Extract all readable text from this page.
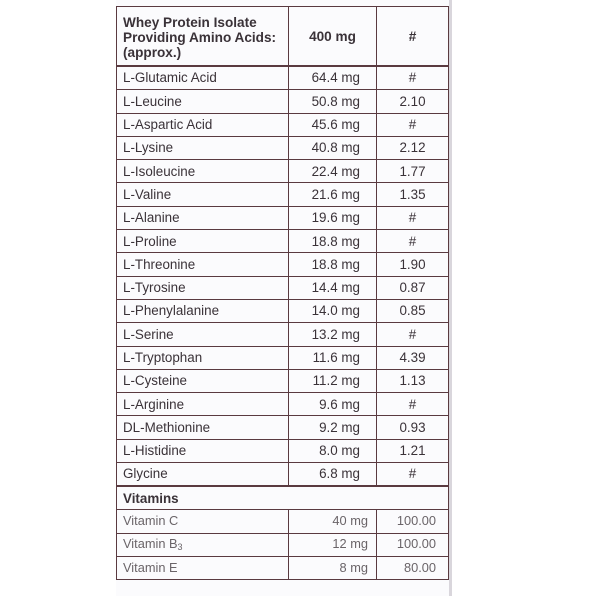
Whey Protein Isolate Providing Amino Acids: (approx.)	400 mg	#
L-Glutamic Acid	64.4 mg	#
L-Leucine	50.8 mg	2.10
L-Aspartic Acid	45.6 mg	#
L-Lysine	40.8 mg	2.12
L-Isoleucine	22.4 mg	1.77
L-Valine	21.6 mg	1.35
L-Alanine	19.6 mg	#
L-Proline	18.8 mg	#
L-Threonine	18.8 mg	1.90
L-Tyrosine	14.4 mg	0.87
L-Phenylalanine	14.0 mg	0.85
L-Serine	13.2 mg	#
L-Tryptophan	11.6 mg	4.39
L-Cysteine	11.2 mg	1.13
L-Arginine	9.6 mg	#
DL-Methionine	9.2 mg	0.93
L-Histidine	8.0 mg	1.21
Glycine	6.8 mg	#
Vitamins		
Vitamin C	40 mg	100.00
Vitamin $B_3$	12 mg	100.00
Vitamin E	8 mg	80.00
